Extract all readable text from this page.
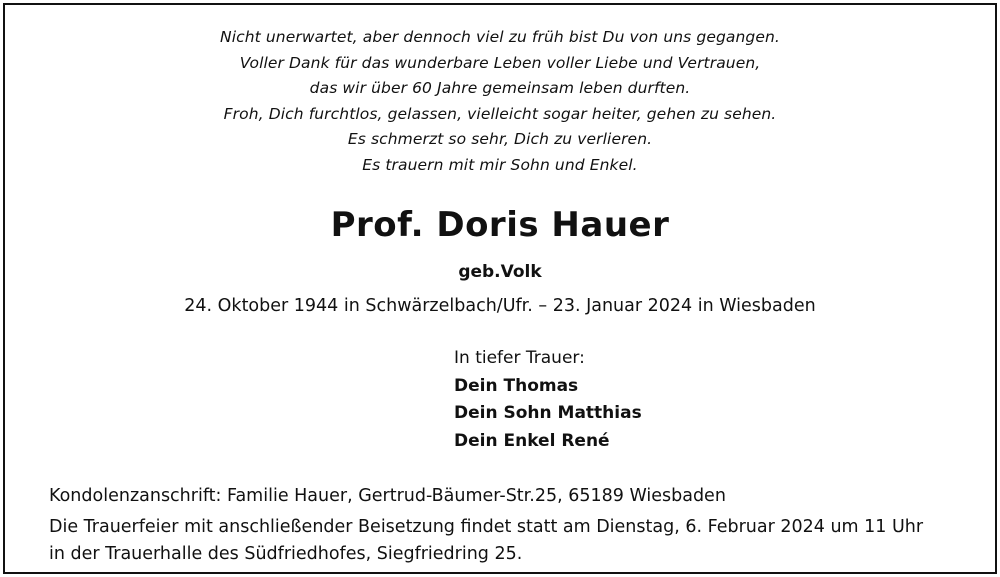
Nicht unerwartet, aber dennoch viel zu früh bist Du von uns gegangen.
Voller Dank für das wunderbare Leben voller Liebe und Vertrauen,
das wir über 60 Jahre gemeinsam leben durften.
Froh, Dich furchtlos, gelassen, vielleicht sogar heiter, gehen zu sehen.
Es schmerzt so sehr, Dich zu verlieren.
Es trauern mit mir Sohn und Enkel.
Prof. Doris Hauer
geb.Volk
24. Oktober 1944 in Schwärzelbach/Ufr. – 23. Januar 2024 in Wiesbaden
In tiefer Trauer:
Dein Thomas
Dein Sohn Matthias
Dein Enkel René
Kondolenzanschrift: Familie Hauer, Gertrud-Bäumer-Str.25, 65189 Wiesbaden
Die Trauerfeier mit anschließender Beisetzung findet statt am Dienstag, 6. Februar 2024 um 11 Uhr
in der Trauerhalle des Südfriedhofes, Siegfriedring 25.
